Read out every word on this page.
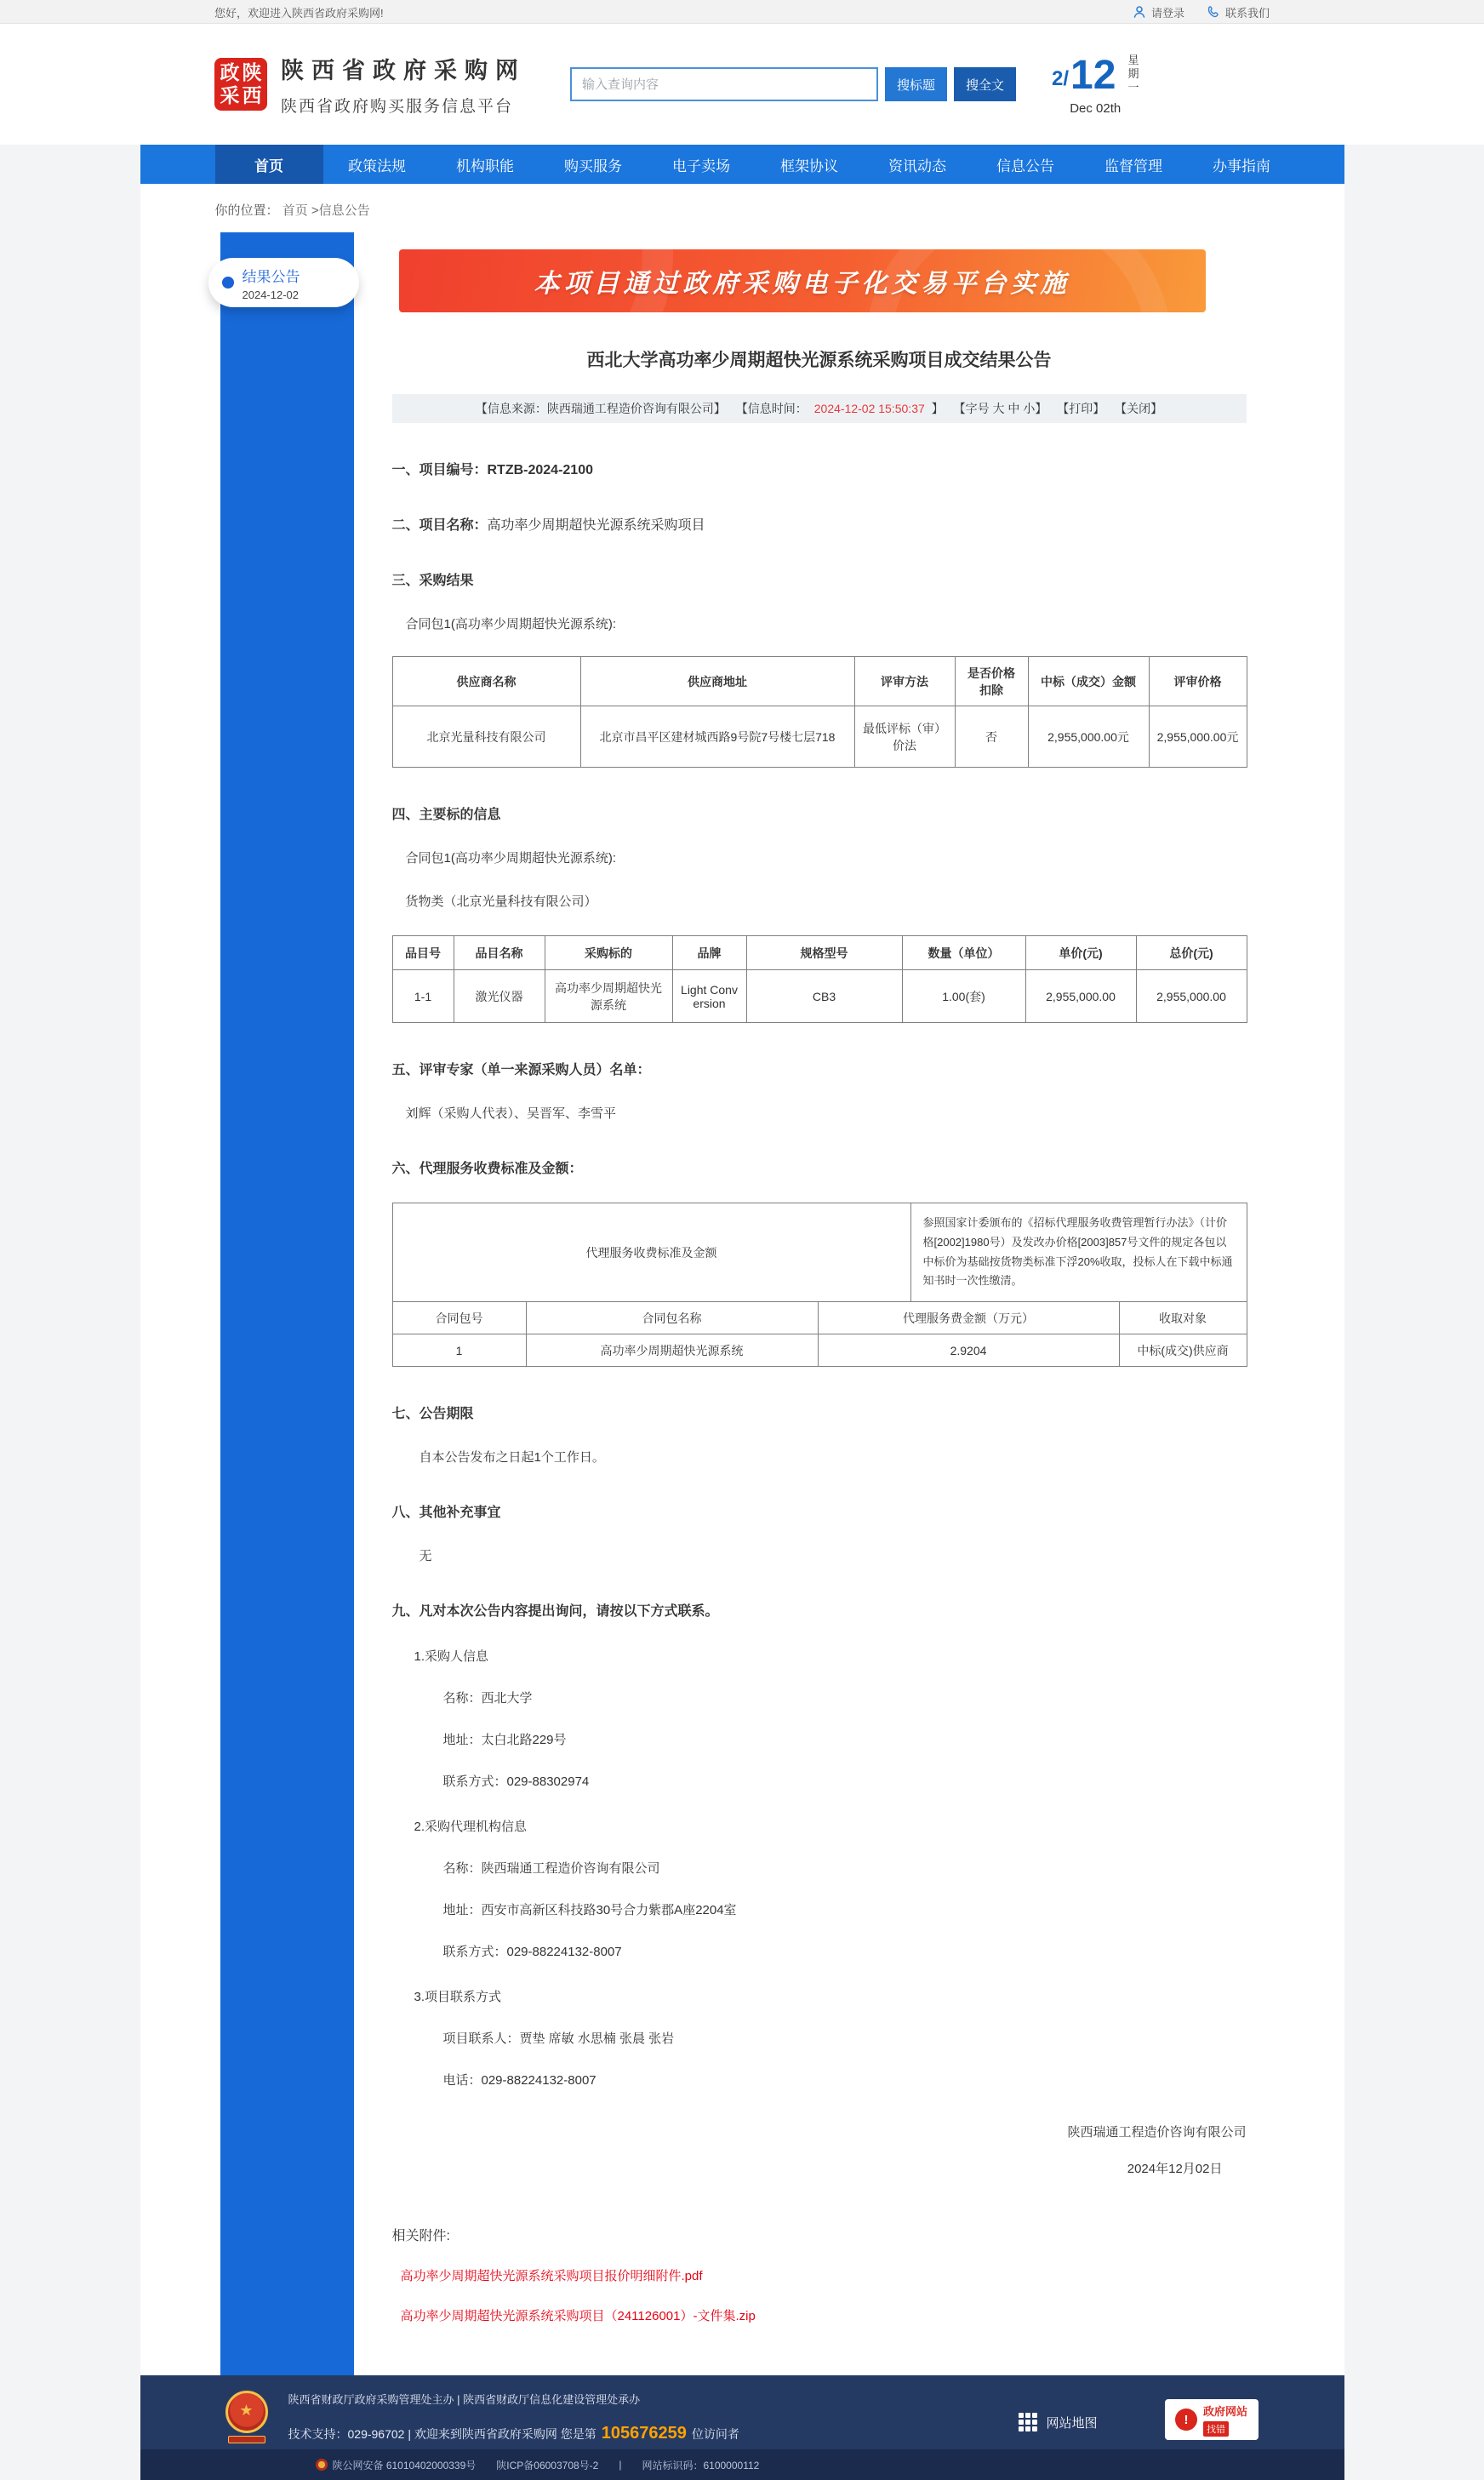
您好，欢迎进入陕西省政府采购网!	请登录	联系我们
政陕
采西
陕西省政府采购网
陕西省政府购买服务信息平台
输入查询内容
搜标题	搜全文	2/ 12 星
期
一
Dec 02th
首页	政策法规	机构职能	购买服务	电子卖场	框架协议	资讯动态	信息公告	监督管理	办事指南
你的位置： 首页 >信息公告
结果公告
2024-12-02	本项目通过政府采购电子化交易平台实施
西北大学高功率少周期超快光源系统采购项目成交结果公告
【信息来源：陕西瑞通工程造价咨询有限公司】 【信息时间： 2024-12-02 15:50:37 】 【字号 大 中 小】 【打印】 【关闭】

一、项目编号：RTZB-2024-2100

二、项目名称：高功率少周期超快光源系统采购项目

三、采购结果

合同包1(高功率少周期超快光源系统):

供应商名称	供应商地址	评审方法	是否价格扣除	中标（成交）金额	评审价格
北京光量科技有限公司	北京市昌平区建材城西路9号院7号楼七层718	最低评标（审）价法	否	2,955,000.00元	2,955,000.00元

四、主要标的信息

合同包1(高功率少周期超快光源系统):

货物类（北京光量科技有限公司）

品目号	品目名称	采购标的	品牌	规格型号	数量（单位）	单价(元)	总价(元)
1-1	激光仪器	高功率少周期超快光源系统	Light Conversion	CB3	1.00(套)	2,955,000.00	2,955,000.00

五、评审专家（单一来源采购人员）名单：

刘辉（采购人代表）、吴晋军、李雪平

六、代理服务收费标准及金额：

代理服务收费标准及金额	参照国家计委颁布的《招标代理服务收费管理暂行办法》（计价格[2002]1980号）及发改办价格[2003]857号文件的规定各包以中标价为基础按货物类标准下浮20%收取，投标人在下载中标通知书时一次性缴清。
合同包号	合同包名称	代理服务费金额（万元）	收取对象
1	高功率少周期超快光源系统	2.9204	中标(成交)供应商

七、公告期限

自本公告发布之日起1个工作日。

八、其他补充事宜

无

九、凡对本次公告内容提出询问，请按以下方式联系。

1.采购人信息

名称：西北大学

地址：太白北路229号

联系方式：029-88302974

2.采购代理机构信息

名称：陕西瑞通工程造价咨询有限公司

地址：西安市高新区科技路30号合力紫郡A座2204室

联系方式：029-88224132-8007

3.项目联系方式

项目联系人：贾垫 席敏 水思楠 张晨 张岩

电话：029-88224132-8007

陕西瑞通工程造价咨询有限公司

2024年12月02日

相关附件:

高功率少周期超快光源系统采购项目报价明细附件.pdf
高功率少周期超快光源系统采购项目（241126001）-文件集.zip
★
陕西省财政厅政府采购管理处主办 | 陕西省财政厅信息化建设管理处承办
技术支持：029-96702 | 欢迎来到陕西省政府采购网 您是第 105676259 位访问者
网站地图	!
政府网站
找错
陕公网安备 61010402000339号 陕ICP备06003708号-2 | 网站标识码：6100000112
